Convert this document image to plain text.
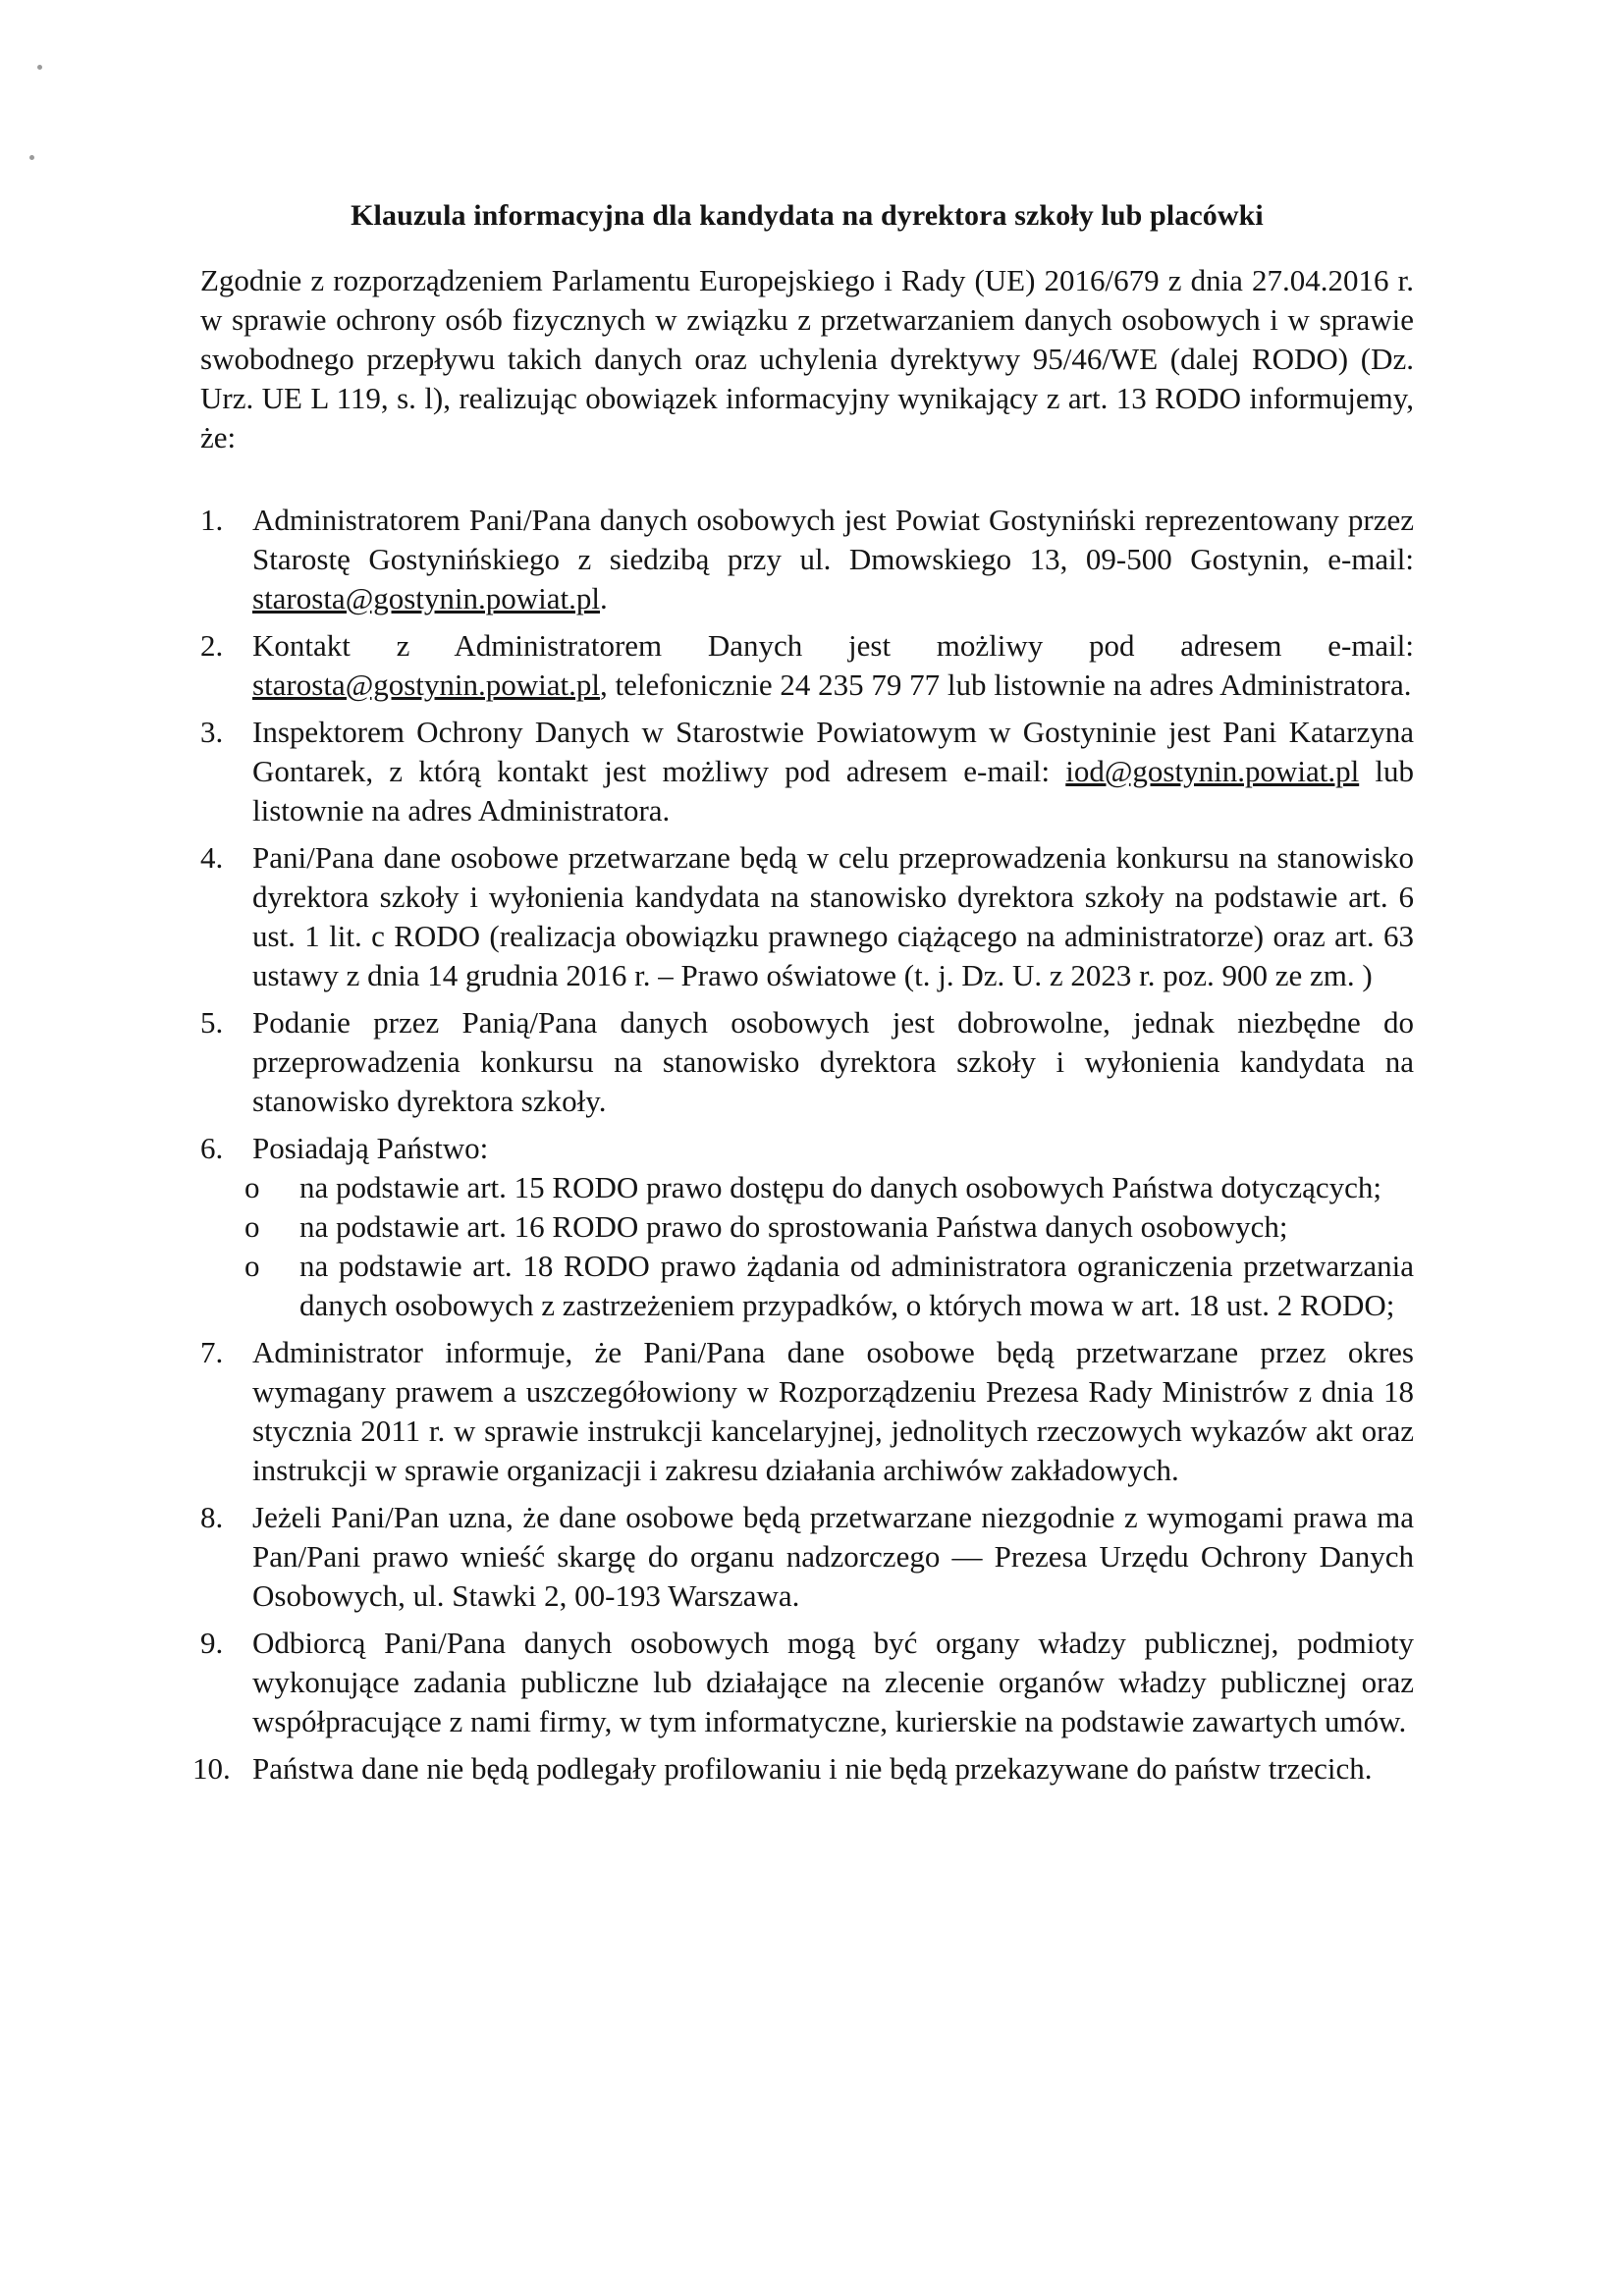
Klauzula informacyjna dla kandydata na dyrektora szkoły lub placówki

Zgodnie z rozporządzeniem Parlamentu Europejskiego i Rady (UE) 2016/679 z dnia 27.04.2016 r. w sprawie ochrony osób fizycznych w związku z przetwarzaniem danych osobowych i w sprawie swobodnego przepływu takich danych oraz uchylenia dyrektywy 95/46/WE (dalej RODO) (Dz. Urz. UE L 119, s. l), realizując obowiązek informacyjny wynikający z art. 13 RODO informujemy, że:

1. Administratorem Pani/Pana danych osobowych jest Powiat Gostyniński reprezentowany przez Starostę Gostynińskiego z siedzibą przy ul. Dmowskiego 13, 09-500 Gostynin, e-mail: starosta@gostynin.powiat.pl.
2. Kontakt z Administratorem Danych jest możliwy pod adresem e-mail: starosta@gostynin.powiat.pl, telefonicznie 24 235 79 77 lub listownie na adres Administratora.
3. Inspektorem Ochrony Danych w Starostwie Powiatowym w Gostyninie jest Pani Katarzyna Gontarek, z którą kontakt jest możliwy pod adresem e-mail: iod@gostynin.powiat.pl lub listownie na adres Administratora.
4. Pani/Pana dane osobowe przetwarzane będą w celu przeprowadzenia konkursu na stanowisko dyrektora szkoły i wyłonienia kandydata na stanowisko dyrektora szkoły na podstawie art. 6 ust. 1 lit. c RODO (realizacja obowiązku prawnego ciążącego na administratorze) oraz art. 63 ustawy z dnia 14 grudnia 2016 r. – Prawo oświatowe (t. j. Dz. U. z 2023 r. poz. 900 ze zm. )
5. Podanie przez Panią/Pana danych osobowych jest dobrowolne, jednak niezbędne do przeprowadzenia konkursu na stanowisko dyrektora szkoły i wyłonienia kandydata na stanowisko dyrektora szkoły.
6. Posiadają Państwo:
o na podstawie art. 15 RODO prawo dostępu do danych osobowych Państwa dotyczących;
o na podstawie art. 16 RODO prawo do sprostowania Państwa danych osobowych;
o na podstawie art. 18 RODO prawo żądania od administratora ograniczenia przetwarzania danych osobowych z zastrzeżeniem przypadków, o których mowa w art. 18 ust. 2 RODO;
7. Administrator informuje, że Pani/Pana dane osobowe będą przetwarzane przez okres wymagany prawem a uszczegółowiony w Rozporządzeniu Prezesa Rady Ministrów z dnia 18 stycznia 2011 r. w sprawie instrukcji kancelaryjnej, jednolitych rzeczowych wykazów akt oraz instrukcji w sprawie organizacji i zakresu działania archiwów zakładowych.
8. Jeżeli Pani/Pan uzna, że dane osobowe będą przetwarzane niezgodnie z wymogami prawa ma Pan/Pani prawo wnieść skargę do organu nadzorczego — Prezesa Urzędu Ochrony Danych Osobowych, ul. Stawki 2, 00-193 Warszawa.
9. Odbiorcą Pani/Pana danych osobowych mogą być organy władzy publicznej, podmioty wykonujące zadania publiczne lub działające na zlecenie organów władzy publicznej oraz współpracujące z nami firmy, w tym informatyczne, kurierskie na podstawie zawartych umów.
10. Państwa dane nie będą podlegały profilowaniu i nie będą przekazywane do państw trzecich.
